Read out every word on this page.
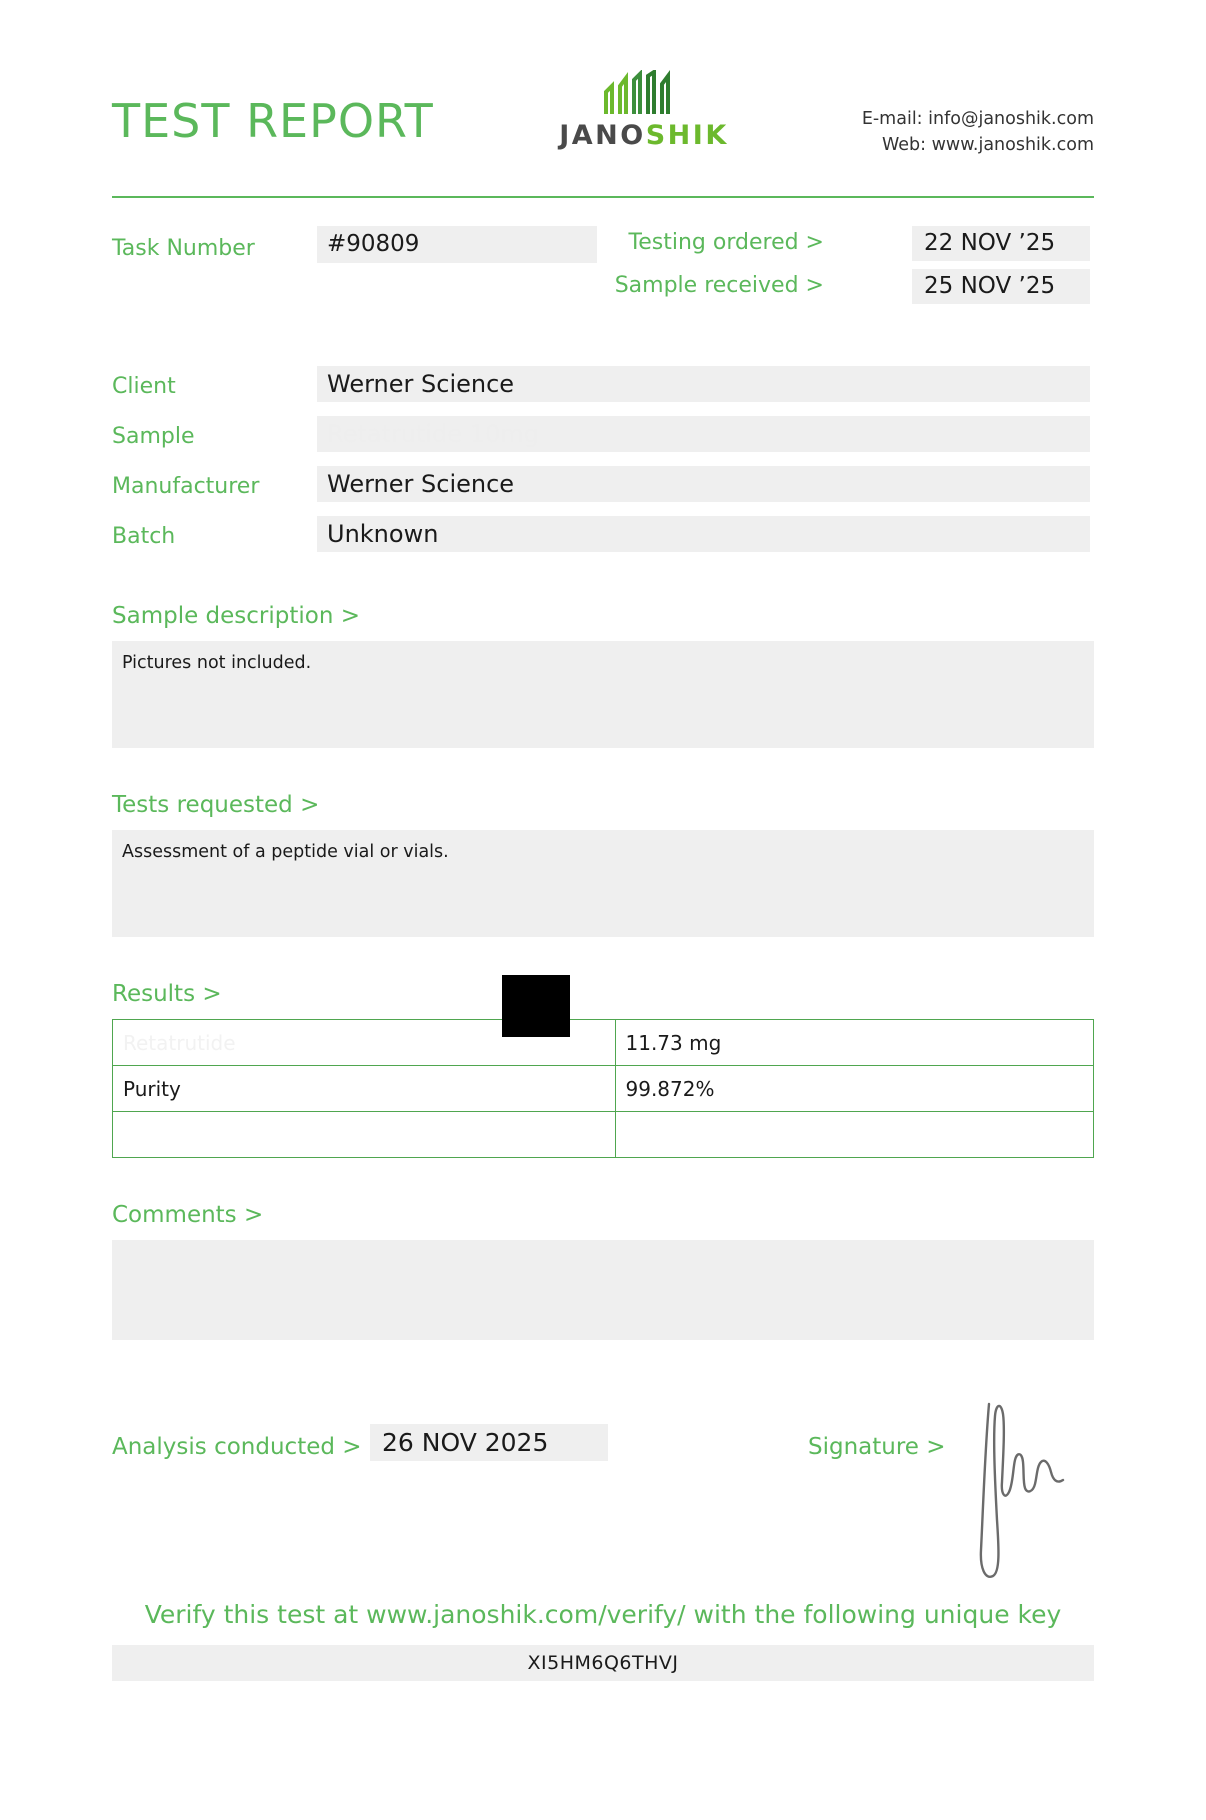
TEST REPORT	JANOSHIK
E-mail: info@janoshik.com
Web: www.janoshik.com
Task Number	#90809	Testing ordered >	22 NOV ’25
Sample received >	25 NOV ’25
Client	Werner Science
Sample	Retatrutide 10mg
Manufacturer	Werner Science
Batch	Unknown
Sample description >
Pictures not included.
Tests requested >
Assessment of a peptide vial or vials.
Results >
Retatrutide	11.73 mg
Purity	99.872%

Comments >
Analysis conducted > 26 NOV 2025	Signature >
Verify this test at www.janoshik.com/verify/ with the following unique key
XI5HM6Q6THVJ
